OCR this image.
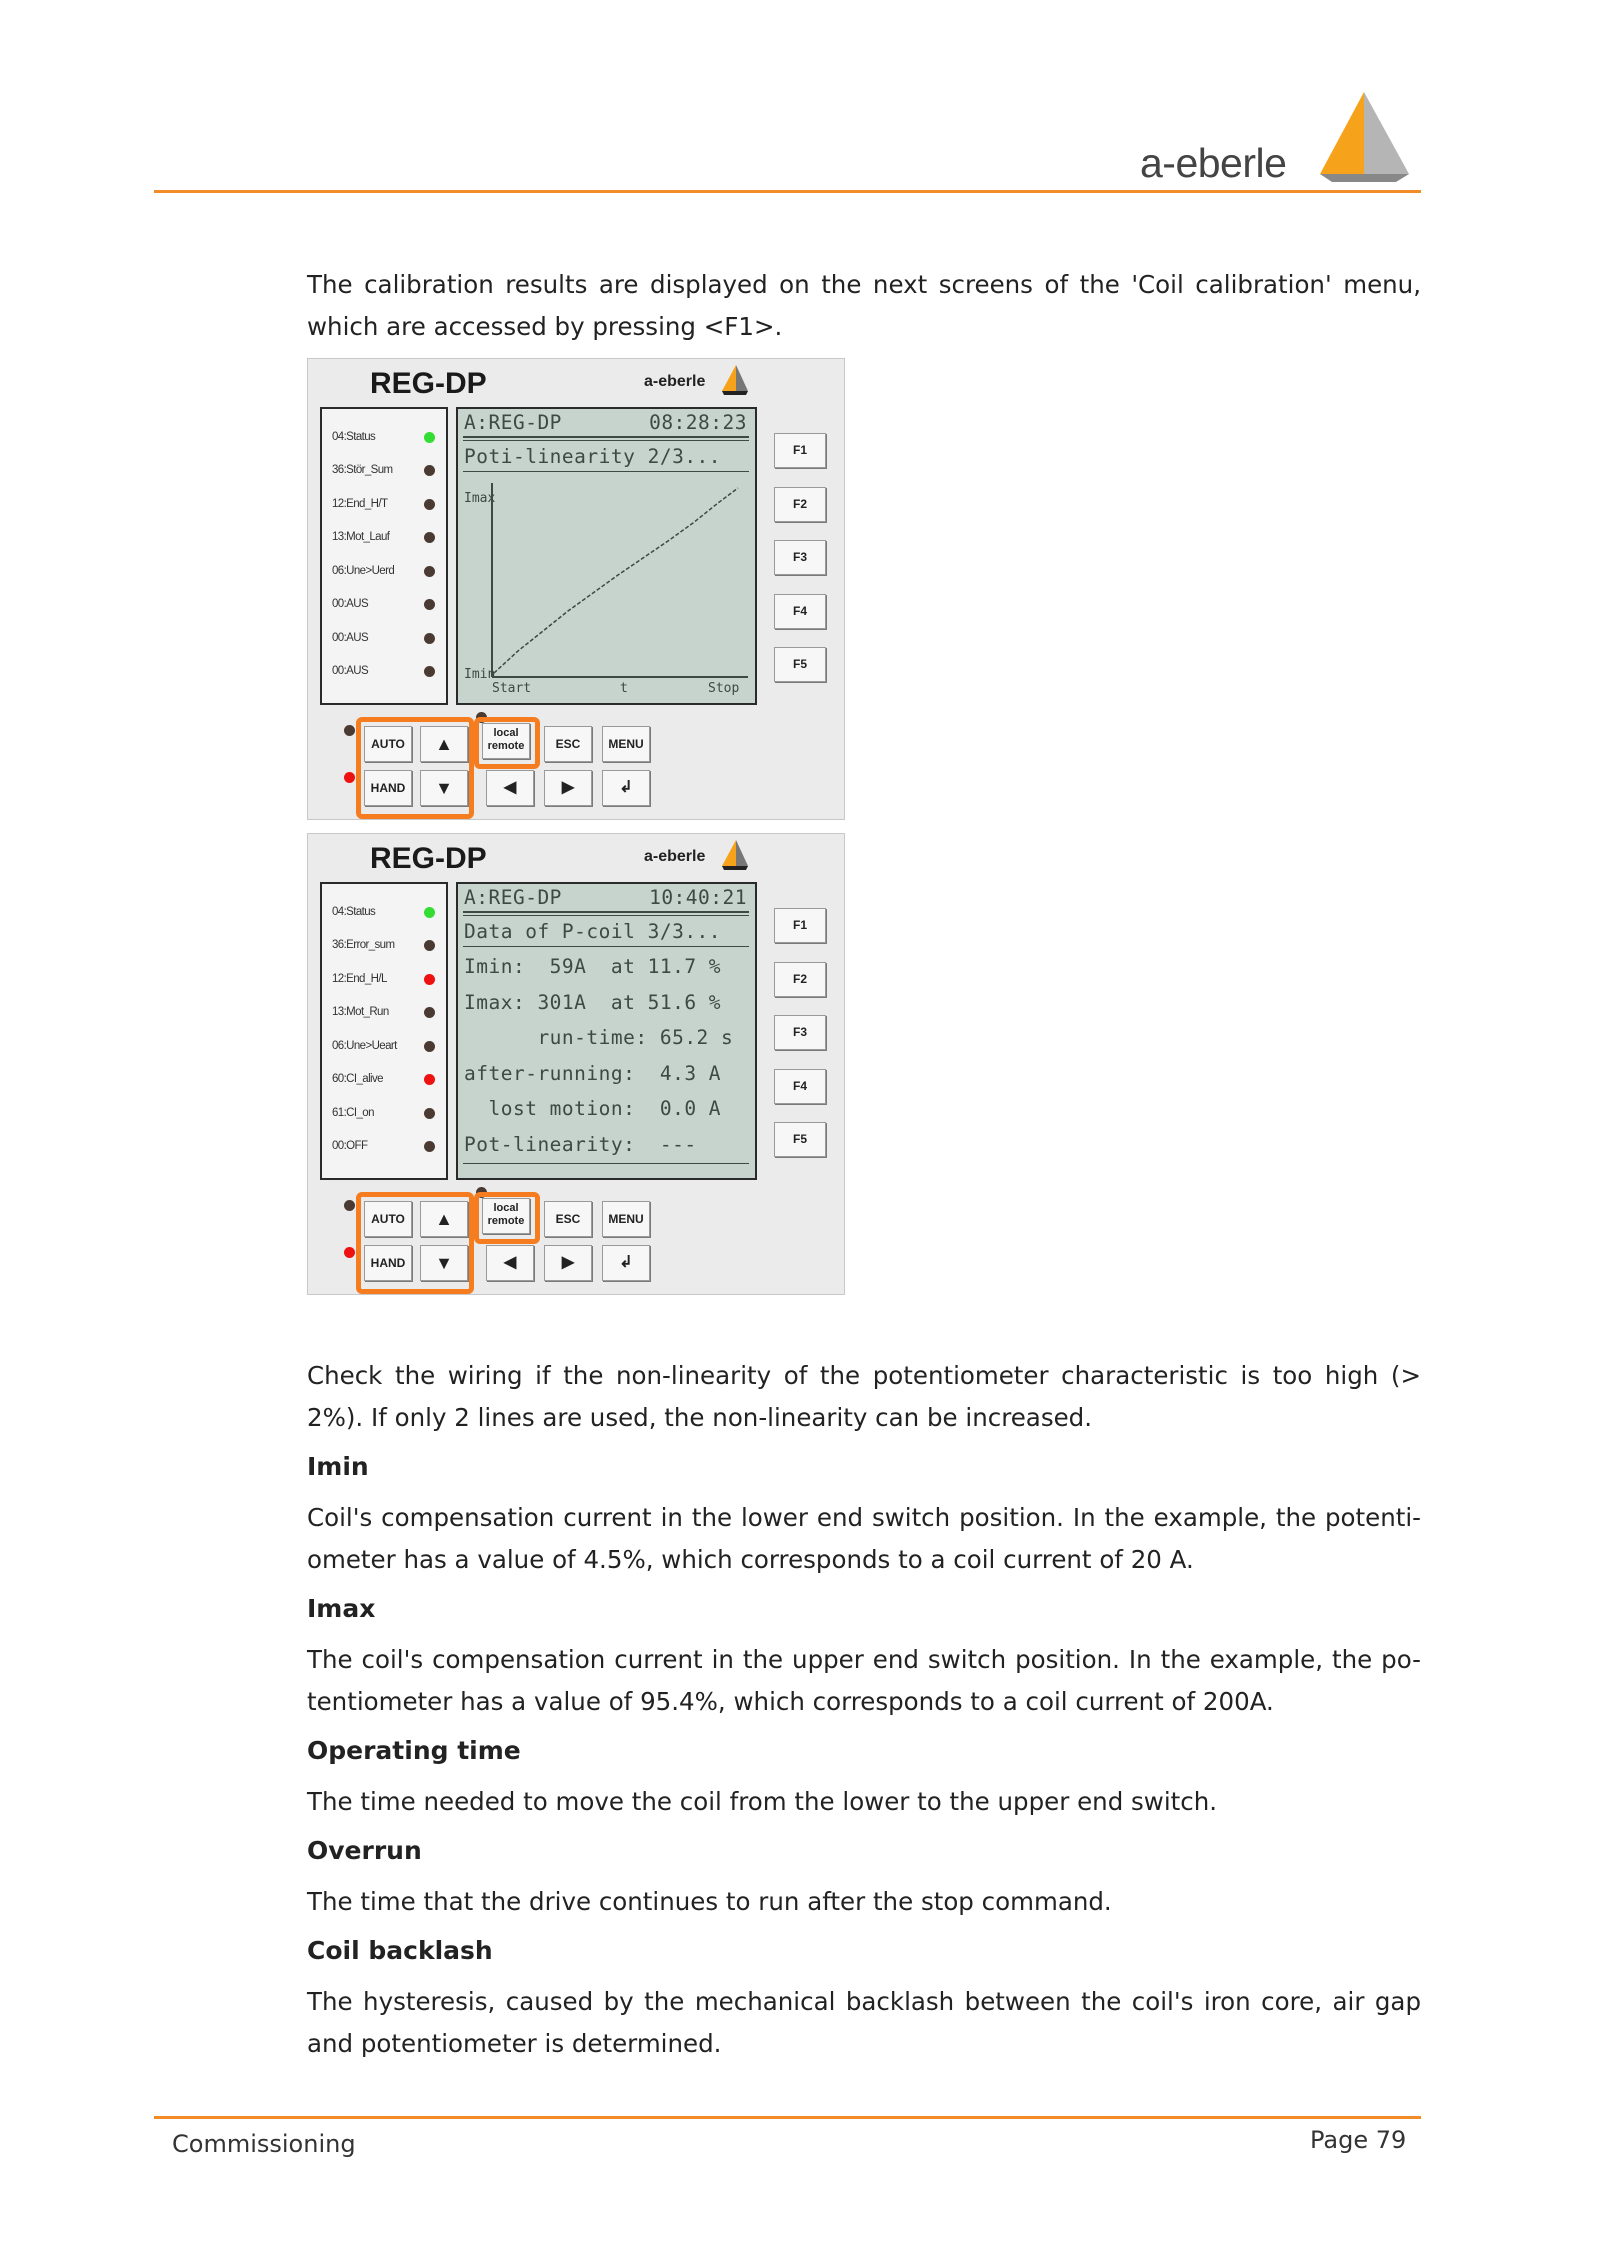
a-eberle

The calibration results are displayed on the next screens of the 'Coil calibration' menu, which are accessed by pressing <F1>.

REG-DP	a-eberle
04:Status
36:Stör_Sum
12:End_H/T
13:Mot_Lauf
06:Une>Uerd
00:AUS
00:AUS
00:AUS
A:REG-DP	08:28:23
Poti-linearity 2/3...
Imax
Imin
Start	t	Stop
F1
F2
F3
F4
F5
AUTO	▲
HAND	▼
local
remote	ESC	MENU
◀	▶	↲
REG-DP	a-eberle
04:Status
36:Error_sum
12:End_H/L
13:Mot_Run
06:Une>Ueart
60:CI_alive
61:CI_on
00:OFF
A:REG-DP	10:40:21
Data of P-coil 3/3...
Imin:  59A  at 11.7 %
Imax: 301A  at 51.6 %
run-time: 65.2 s
after-running:  4.3 A
lost motion:  0.0 A
Pot-linearity:  ---
F1
F2
F3
F4
F5
AUTO	▲
HAND	▼
local
remote	ESC	MENU
◀	▶	↲

Check the wiring if the non-linearity of the potentiometer characteristic is too high (> 2%). If only 2 lines are used, the non-linearity can be increased.

Imin

Coil's compensation current in the lower end switch position. In the example, the potenti-ometer has a value of 4.5%, which corresponds to a coil current of 20 A.

Imax

The coil's compensation current in the upper end switch position. In the example, the po-tentiometer has a value of 95.4%, which corresponds to a coil current of 200A.

Operating time

The time needed to move the coil from the lower to the upper end switch.

Overrun

The time that the drive continues to run after the stop command.

Coil backlash

The hysteresis, caused by the mechanical backlash between the coil's iron core, air gap and potentiometer is determined.

Commissioning	Page 79
